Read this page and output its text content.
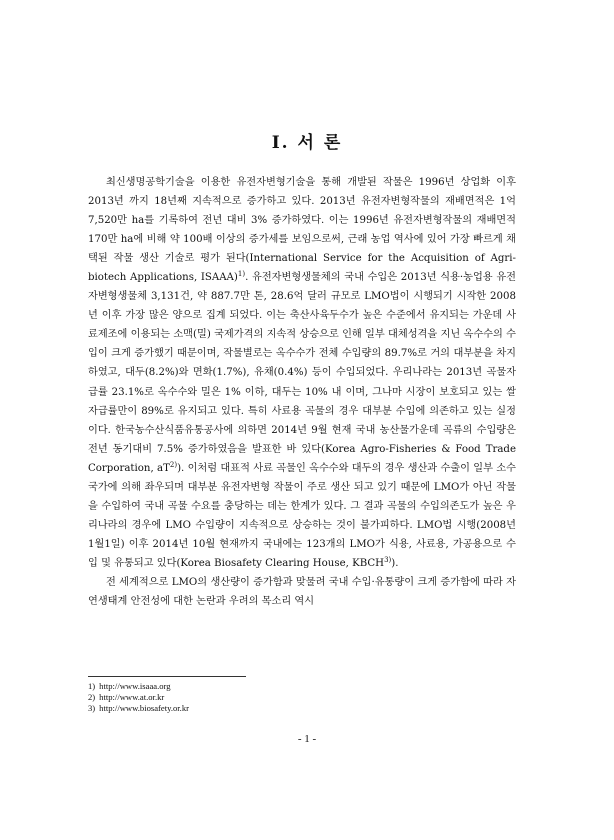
I. 서 론

최신생명공학기술을 이용한 유전자변형기술을 통해 개발된 작물은 1996년 상업화 이후 2013년 까지 18년째 지속적으로 증가하고 있다. 2013년 유전자변형작물의 재배면적은 1억 7,520만 ha를 기록하여 전년 대비 3% 증가하였다. 이는 1996년 유전자변형작물의 재배면적 170만 ha에 비해 약 100배 이상의 증가세를 보임으로써, 근래 농업 역사에 있어 가장 빠르게 채택된 작물 생산 기술로 평가 된다(International Service for the Acquisition of Agri-biotech Applications, ISAAA)$^{1)}$. 유전자변형생물체의 국내 수입은 2013년 식용·농업용 유전자변형생물체 3,131건, 약 887.7만 톤, 28.6억 달러 규모로 LMO법이 시행되기 시작한 2008년 이후 가장 많은 양으로 집계 되었다. 이는 축산사육두수가 높은 수준에서 유지되는 가운데 사료제조에 이용되는 소맥(밀) 국제가격의 지속적 상승으로 인해 일부 대체성격을 지닌 옥수수의 수입이 크게 증가했기 때문이며, 작물별로는 옥수수가 전체 수입량의 89.7%로 거의 대부분을 차지하였고, 대두(8.2%)와 면화(1.7%), 유채(0.4%) 등이 수입되었다. 우리나라는 2013년 곡물자급률 23.1%로 옥수수와 밀은 1% 이하, 대두는 10% 내 이며, 그나마 시장이 보호되고 있는 쌀 자급률만이 89%로 유지되고 있다. 특히 사료용 곡물의 경우 대부분 수입에 의존하고 있는 실정이다. 한국농수산식품유통공사에 의하면 2014년 9월 현재 국내 농산물가운데 곡류의 수입량은 전년 동기대비 7.5% 증가하였음을 발표한 바 있다(Korea Agro-Fisheries & Food Trade Corporation, $aT^{2)}$). 이처럼 대표적 사료 곡물인 옥수수와 대두의 경우 생산과 수출이 일부 소수 국가에 의해 좌우되며 대부분 유전자변형 작물이 주로 생산 되고 있기 때문에 LMO가 아닌 작물을 수입하여 국내 곡물 수요를 충당하는 데는 한계가 있다. 그 결과 곡물의 수입의존도가 높은 우리나라의 경우에 LMO 수입량이 지속적으로 상승하는 것이 불가피하다. LMO법 시행(2008년 1월1일) 이후 2014년 10월 현재까지 국내에는 123개의 LMO가 식용, 사료용, 가공용으로 수입 및 유통되고 있다(Korea Biosafety Clearing House, KBCH$^{3)}$).

전 세계적으로 LMO의 생산량이 증가함과 맞물려 국내 수입·유통량이 크게 증가함에 따라 자연생태계 안전성에 대한 논란과 우려의 목소리 역시

1) http://www.isaaa.org
2) http://www.at.or.kr
3) http://www.biosafety.or.kr
- 1 -
